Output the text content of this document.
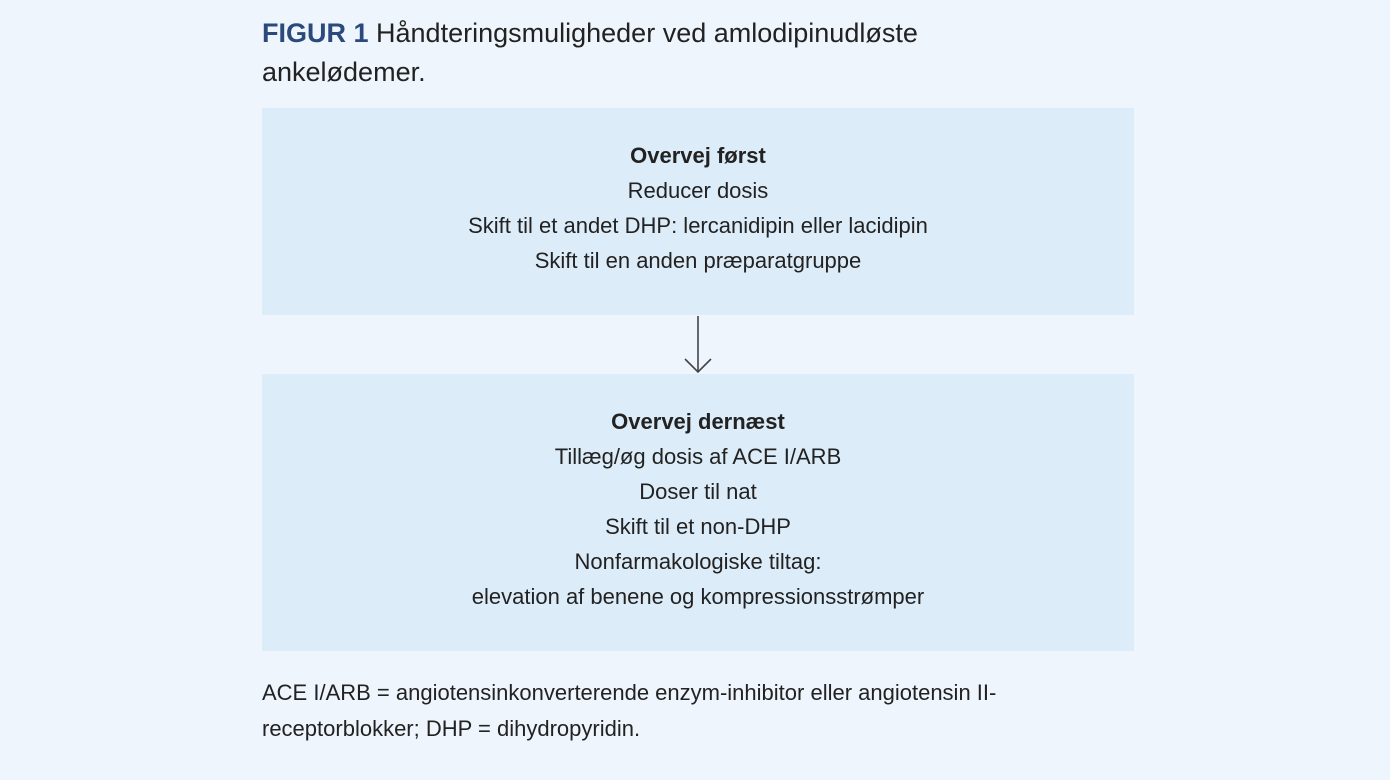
FIGUR 1 Håndteringsmuligheder ved amlodipinudløste ankelødemer.
Overvej først
Reducer dosis
Skift til et andet DHP: lercanidipin eller lacidipin
Skift til en anden præparatgruppe
Overvej dernæst
Tillæg/øg dosis af ACE I/ARB
Doser til nat
Skift til et non-DHP
Nonfarmakologiske tiltag:
elevation af benene og kompressionsstrømper
ACE I/ARB = angiotensinkonverterende enzym-inhibitor eller angiotensin II-receptorblokker; DHP = dihydropyridin.
